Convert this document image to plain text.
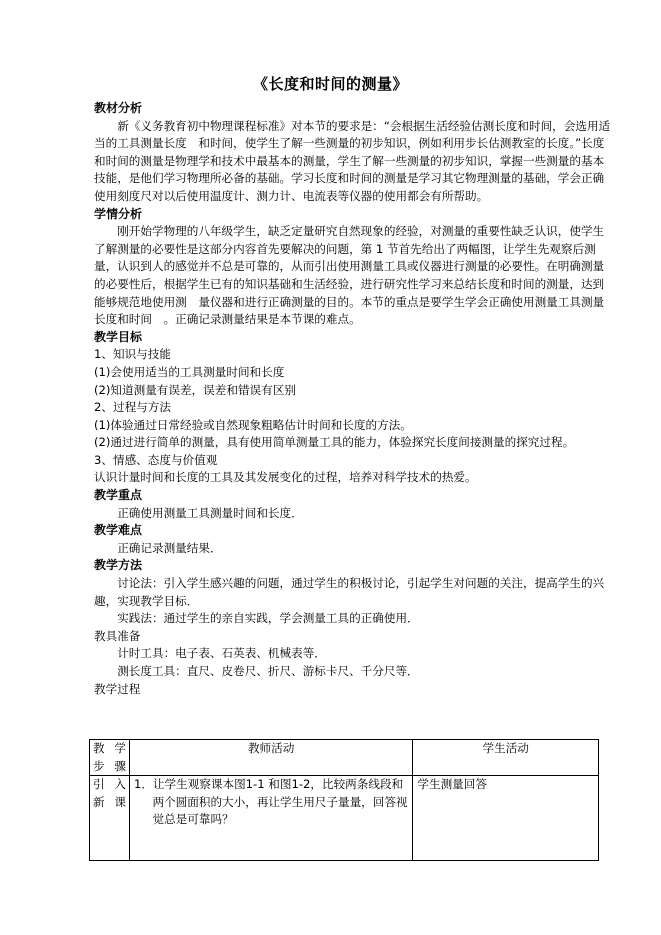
《长度和时间的测量》

教材分析

新《义务教育初中物理课程标准》对本节的要求是：“会根据生活经验估测长度和时间，会选用适当的工具测量长度　和时间，使学生了解一些测量的初步知识，例如利用步长估测教室的长度。”长度和时间的测量是物理学和技术中最基本的测量，学生了解一些测量的初步知识，掌握一些测量的基本技能，是他们学习物理所必备的基础。学习长度和时间的测量是学习其它物理测量的基础，学会正确使用刻度尺对以后使用温度计、测力计、电流表等仪器的使用都会有所帮助。

学情分析

刚开始学物理的八年级学生，缺乏定量研究自然现象的经验，对测量的重要性缺乏认识，使学生了解测量的必要性是这部分内容首先要解决的问题，第 1 节首先给出了两幅图，让学生先观察后测量，认识到人的感觉并不总是可靠的，从而引出使用测量工具或仪器进行测量的必要性。在明确测量的必要性后，根据学生已有的知识基础和生活经验，进行研究性学习来总结长度和时间的测量，达到能够规范地使用测　量仪器和进行正确测量的目的。本节的重点是要学生学会正确使用测量工具测量长度和时间　。正确记录测量结果是本节课的难点。

教学目标

1、知识与技能

(1)会使用适当的工具测量时间和长度

(2)知道测量有误差，误差和错误有区别

2、过程与方法

(1)体验通过日常经验或自然现象粗略估计时间和长度的方法。

(2)通过进行简单的测量，具有使用简单测量工具的能力，体验探究长度间接测量的探究过程。

3、情感、态度与价值观

认识计量时间和长度的工具及其发展变化的过程，培养对科学技术的热爱。

教学重点

正确使用测量工具测量时间和长度．

教学难点

正确记录测量结果．

教学方法

讨论法：引入学生感兴趣的问题，通过学生的积极讨论，引起学生对问题的关注，提高学生的兴趣，实现教学目标．

实践法：通过学生的亲自实践，学会测量工具的正确使用．

教具准备

计时工具：电子表、石英表、机械表等．

测长度工具：直尺、皮卷尺、折尺、游标卡尺、千分尺等．

教学过程

教学步骤	教师活动	学生活动
引入新课	1．让学生观察课本图1-1 和图1-2，比较两条线段和两个圆面积的大小，再让学生用尺子量量，回答视觉总是可靠吗？	学生测量回答
